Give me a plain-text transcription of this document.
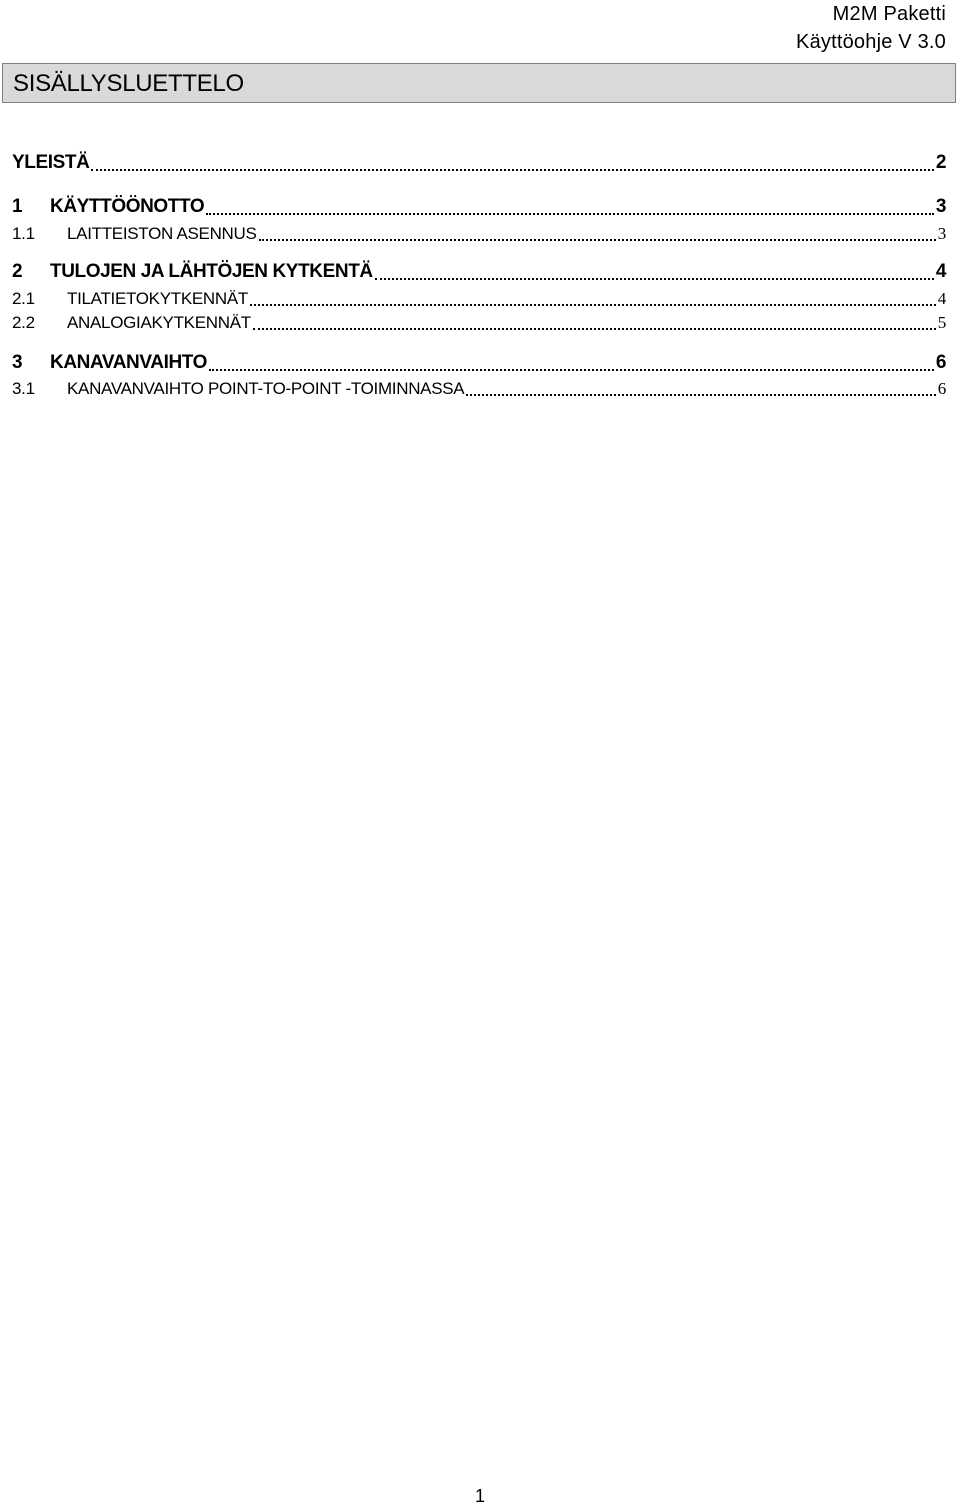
M2M Paketti
Käyttöohje V 3.0
SISÄLLYSLUETTELO
YLEISTÄ	2
1	KÄYTTÖÖNOTTO	3
1.1	LAITTEISTON ASENNUS	3
2	TULOJEN JA LÄHTÖJEN KYTKENTÄ	4
2.1	TILATIETOKYTKENNÄT	4
2.2	ANALOGIAKYTKENNÄT	5
3	KANAVANVAIHTO	6
3.1	KANAVANVAIHTO POINT-TO-POINT -TOIMINNASSA	6
1
